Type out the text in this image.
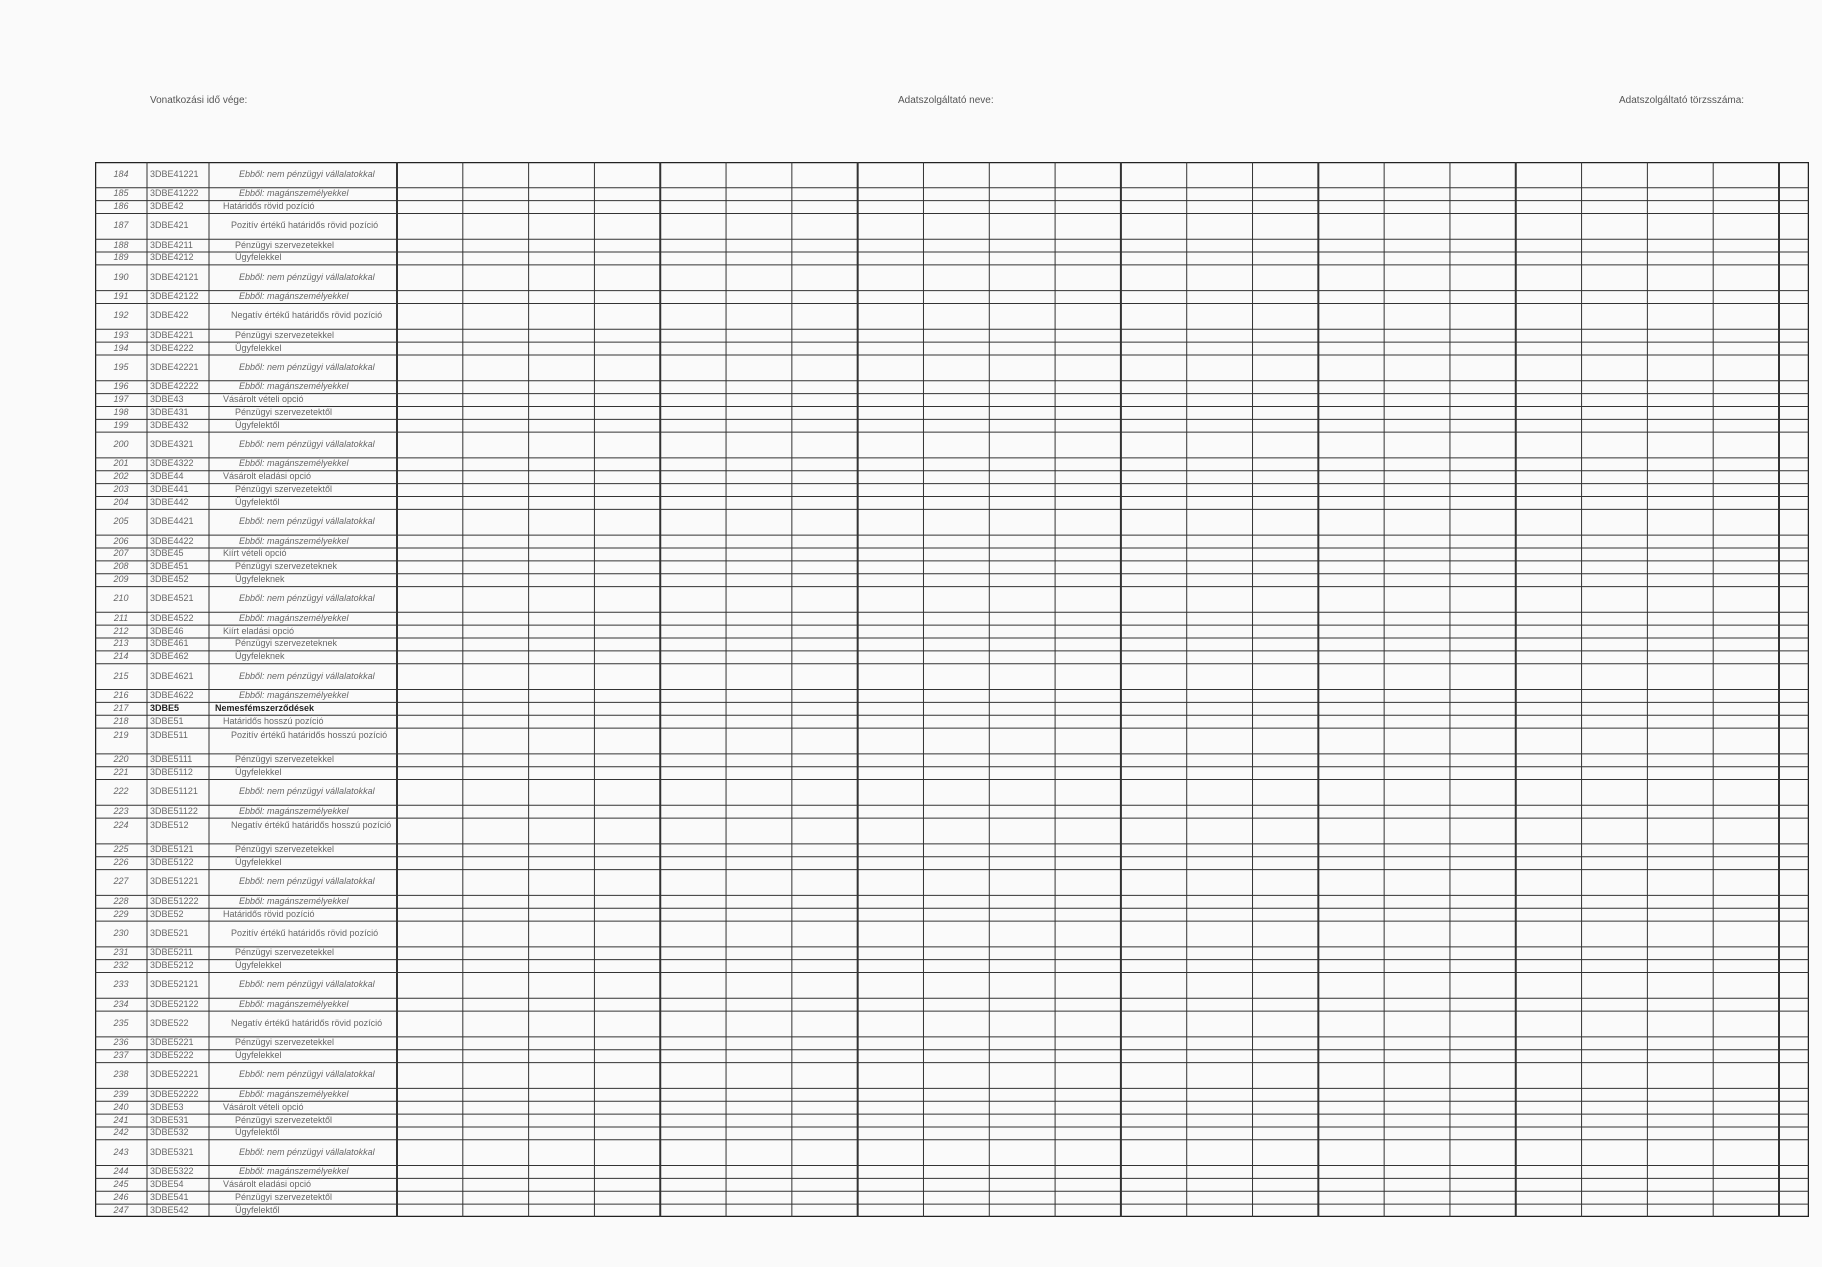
Vonatkozási idő vége:	Adatszolgáltató neve:	Adatszolgáltató törzsszáma:
184	3DBE41221	Ebből: nem pénzügyi vállalatokkal
185	3DBE41222	Ebből: magánszemélyekkel
186	3DBE42	Határidős rövid pozíció
187	3DBE421	Pozitív értékű határidős rövid pozíció
188	3DBE4211	Pénzügyi szervezetekkel
189	3DBE4212	Ügyfelekkel
190	3DBE42121	Ebből: nem pénzügyi vállalatokkal
191	3DBE42122	Ebből: magánszemélyekkel
192	3DBE422	Negatív értékű határidős rövid pozíció
193	3DBE4221	Pénzügyi szervezetekkel
194	3DBE4222	Ügyfelekkel
195	3DBE42221	Ebből: nem pénzügyi vállalatokkal
196	3DBE42222	Ebből: magánszemélyekkel
197	3DBE43	Vásárolt vételi opció
198	3DBE431	Pénzügyi szervezetektől
199	3DBE432	Ügyfelektől
200	3DBE4321	Ebből: nem pénzügyi vállalatokkal
201	3DBE4322	Ebből: magánszemélyekkel
202	3DBE44	Vásárolt eladási opció
203	3DBE441	Pénzügyi szervezetektől
204	3DBE442	Ügyfelektől
205	3DBE4421	Ebből: nem pénzügyi vállalatokkal
206	3DBE4422	Ebből: magánszemélyekkel
207	3DBE45	Kiírt vételi opció
208	3DBE451	Pénzügyi szervezeteknek
209	3DBE452	Ügyfeleknek
210	3DBE4521	Ebből: nem pénzügyi vállalatokkal
211	3DBE4522	Ebből: magánszemélyekkel
212	3DBE46	Kiírt eladási opció
213	3DBE461	Pénzügyi szervezeteknek
214	3DBE462	Ügyfeleknek
215	3DBE4621	Ebből: nem pénzügyi vállalatokkal
216	3DBE4622	Ebből: magánszemélyekkel
217	3DBE5	Nemesfémszerződések
218	3DBE51	Határidős hosszú pozíció
219	3DBE511	Pozitív értékű határidős hosszú pozíció
220	3DBE5111	Pénzügyi szervezetekkel
221	3DBE5112	Ügyfelekkel
222	3DBE51121	Ebből: nem pénzügyi vállalatokkal
223	3DBE51122	Ebből: magánszemélyekkel
224	3DBE512	Negatív értékű határidős hosszú pozíció
225	3DBE5121	Pénzügyi szervezetekkel
226	3DBE5122	Ügyfelekkel
227	3DBE51221	Ebből: nem pénzügyi vállalatokkal
228	3DBE51222	Ebből: magánszemélyekkel
229	3DBE52	Határidős rövid pozíció
230	3DBE521	Pozitív értékű határidős rövid pozíció
231	3DBE5211	Pénzügyi szervezetekkel
232	3DBE5212	Ügyfelekkel
233	3DBE52121	Ebből: nem pénzügyi vállalatokkal
234	3DBE52122	Ebből: magánszemélyekkel
235	3DBE522	Negatív értékű határidős rövid pozíció
236	3DBE5221	Pénzügyi szervezetekkel
237	3DBE5222	Ügyfelekkel
238	3DBE52221	Ebből: nem pénzügyi vállalatokkal
239	3DBE52222	Ebből: magánszemélyekkel
240	3DBE53	Vásárolt vételi opció
241	3DBE531	Pénzügyi szervezetektől
242	3DBE532	Ügyfelektől
243	3DBE5321	Ebből: nem pénzügyi vállalatokkal
244	3DBE5322	Ebből: magánszemélyekkel
245	3DBE54	Vásárolt eladási opció
246	3DBE541	Pénzügyi szervezetektől
247	3DBE542	Ügyfelektől
